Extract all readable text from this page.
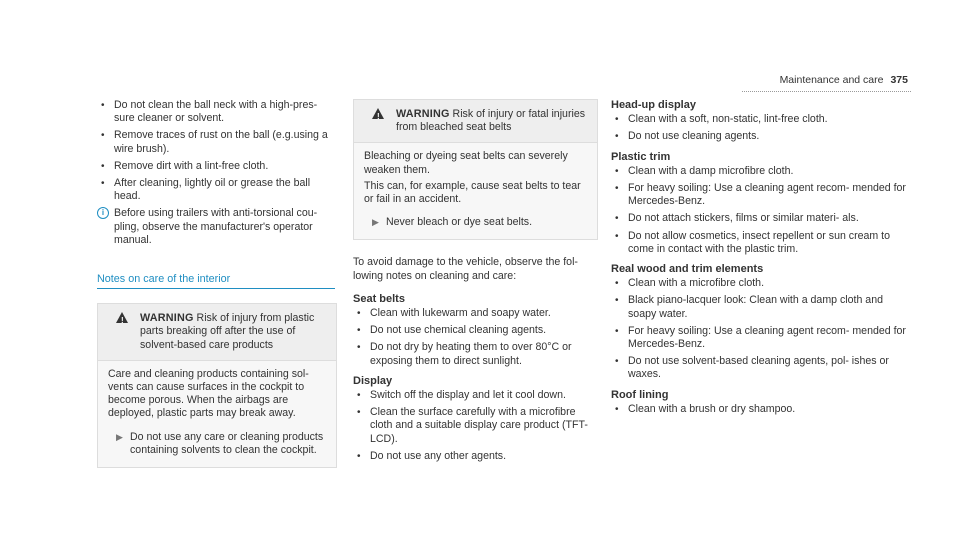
Maintenance and care 375
• Do not clean the ball neck with a high-pres- sure cleaner or solvent.
• Remove traces of rust on the ball (e.g.using a wire brush).
• Remove dirt with a lint-free cloth.
• After cleaning, lightly oil or grease the ball head.
i Before using trailers with anti-torsional cou- pling, observe the manufacturer's operator manual.
Notes on care of the interior
! WARNING Risk of injury from plastic parts breaking off after the use of solvent-based care products

Care and cleaning products containing sol- vents can cause surfaces in the cockpit to become porous. When the airbags are deployed, plastic parts may break away.

▶ Do not use any care or cleaning products containing solvents to clean the cockpit.
! WARNING Risk of injury or fatal injuries from bleached seat belts

Bleaching or dyeing seat belts can severely weaken them.

This can, for example, cause seat belts to tear or fail in an accident.

▶ Never bleach or dye seat belts.

To avoid damage to the vehicle, observe the fol- lowing notes on cleaning and care:

Seat belts
• Clean with lukewarm and soapy water.
• Do not use chemical cleaning agents.
• Do not dry by heating them to over 80°C or exposing them to direct sunlight.
Display
• Switch off the display and let it cool down.
• Clean the surface carefully with a microfibre cloth and a suitable display care product (TFT- LCD).
• Do not use any other agents.
Head-up display
• Clean with a soft, non-static, lint-free cloth.
• Do not use cleaning agents.
Plastic trim
• Clean with a damp microfibre cloth.
• For heavy soiling: Use a cleaning agent recom- mended for Mercedes-Benz.
• Do not attach stickers, films or similar materi- als.
• Do not allow cosmetics, insect repellent or sun cream to come in contact with the plastic trim.
Real wood and trim elements
• Clean with a microfibre cloth.
• Black piano-lacquer look: Clean with a damp cloth and soapy water.
• For heavy soiling: Use a cleaning agent recom- mended for Mercedes-Benz.
• Do not use solvent-based cleaning agents, pol- ishes or waxes.
Roof lining
• Clean with a brush or dry shampoo.
